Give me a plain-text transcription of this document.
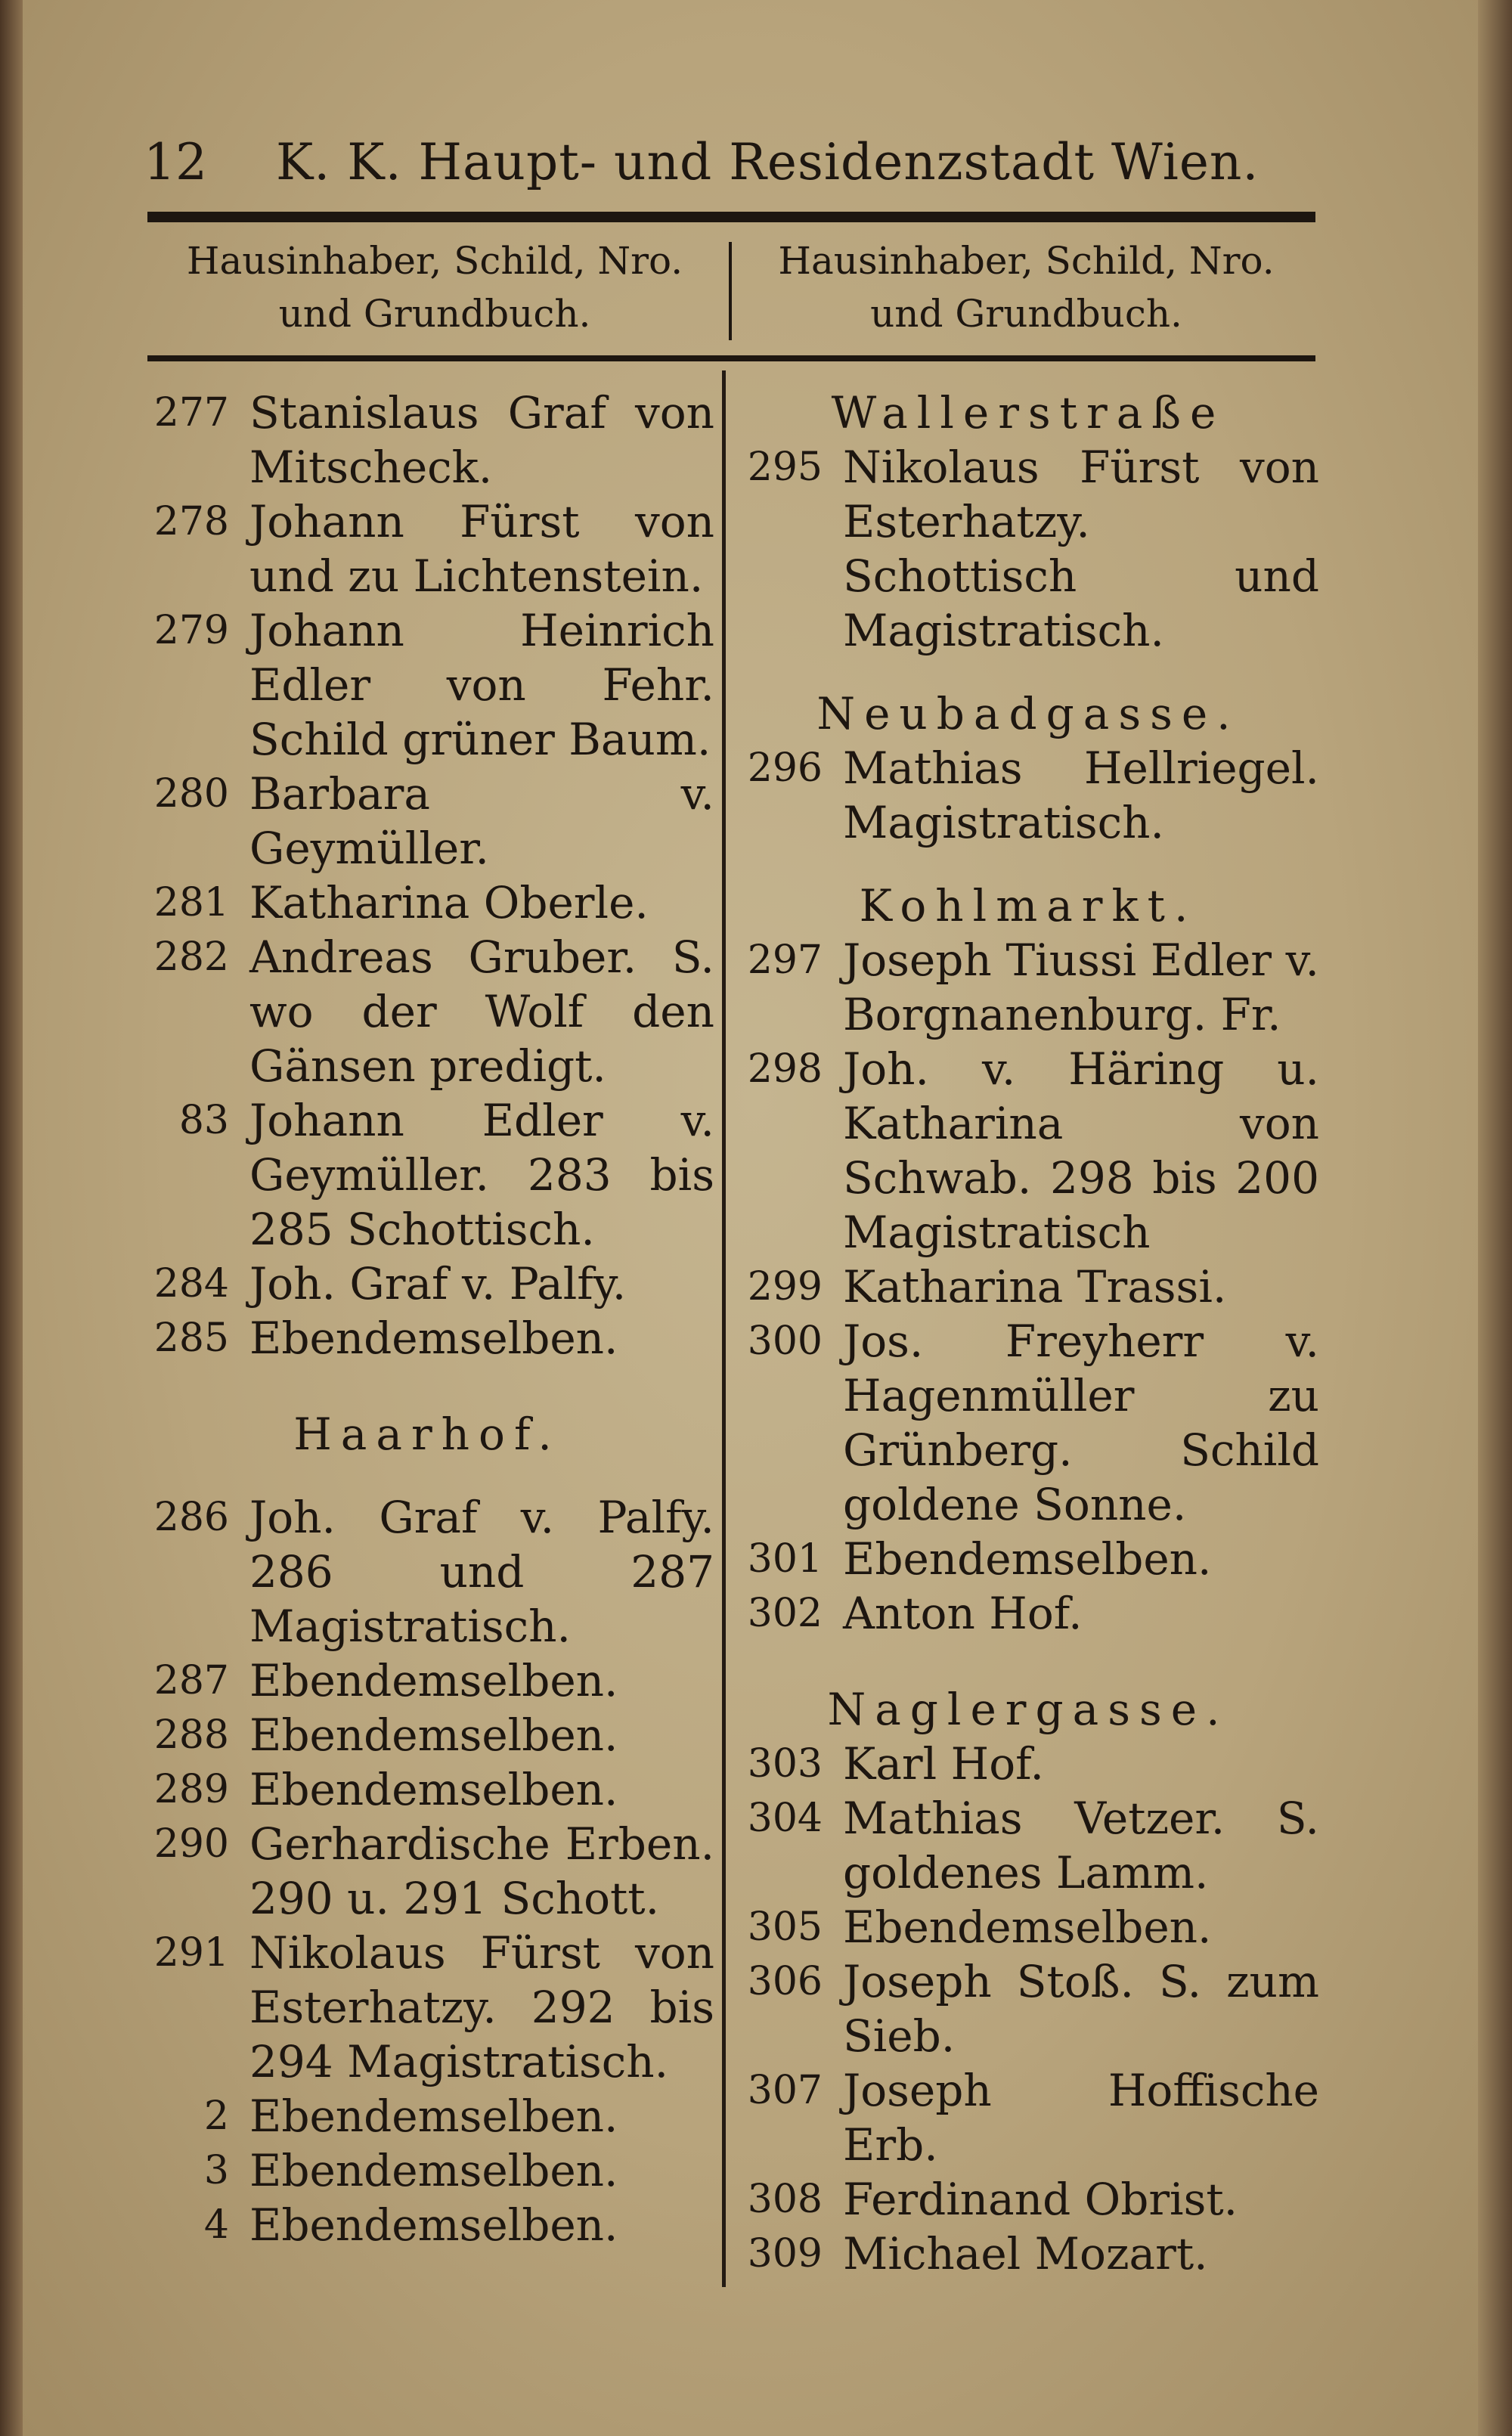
12 K. K. Haupt- und Residenzstadt Wien.
Hausinhaber, Schild, Nro.
und Grundbuch.
Hausinhaber, Schild, Nro.
und Grundbuch.
277 Stanislaus Graf von Mitscheck.
278 Johann Fürst von und zu Lichtenstein.
279 Johann Heinrich Edler von Fehr. Schild grüner Baum.
280 Barbara v. Geymüller.
281 Katharina Oberle.
282 Andreas Gruber. S. wo der Wolf den Gänsen predigt.
83 Johann Edler v. Geymüller. 283 bis 285 Schottisch.
284 Joh. Graf v. Palfy.
285 Ebendemselben.
Haarhof.
286 Joh. Graf v. Palfy. 286 und 287 Magistratisch.
287 Ebendemselben.
288 Ebendemselben.
289 Ebendemselben.
290 Gerhardische Erben. 290 u. 291 Schott.
291 Nikolaus Fürst von Esterhatzy. 292 bis 294 Magistratisch.
2 Ebendemselben.
3 Ebendemselben.
4 Ebendemselben.
Wallerstraße
295 Nikolaus Fürst von Esterhatzy. Schottisch und Magistratisch.
Neubadgasse.
296 Mathias Hellriegel. Magistratisch.
Kohlmarkt.
297 Joseph Tiussi Edler v. Borgnanenburg. Fr.
298 Joh. v. Häring u. Katharina von Schwab. 298 bis 200 Magistratisch
299 Katharina Trassi.
300 Jos. Freyherr v. Hagenmüller zu Grünberg. Schild goldene Sonne.
301 Ebendemselben.
302 Anton Hof.
Naglergasse.
303 Karl Hof.
304 Mathias Vetzer. S. goldenes Lamm.
305 Ebendemselben.
306 Joseph Stoß. S. zum Sieb.
307 Joseph Hoffische Erb.
308 Ferdinand Obrist.
309 Michael Mozart.
